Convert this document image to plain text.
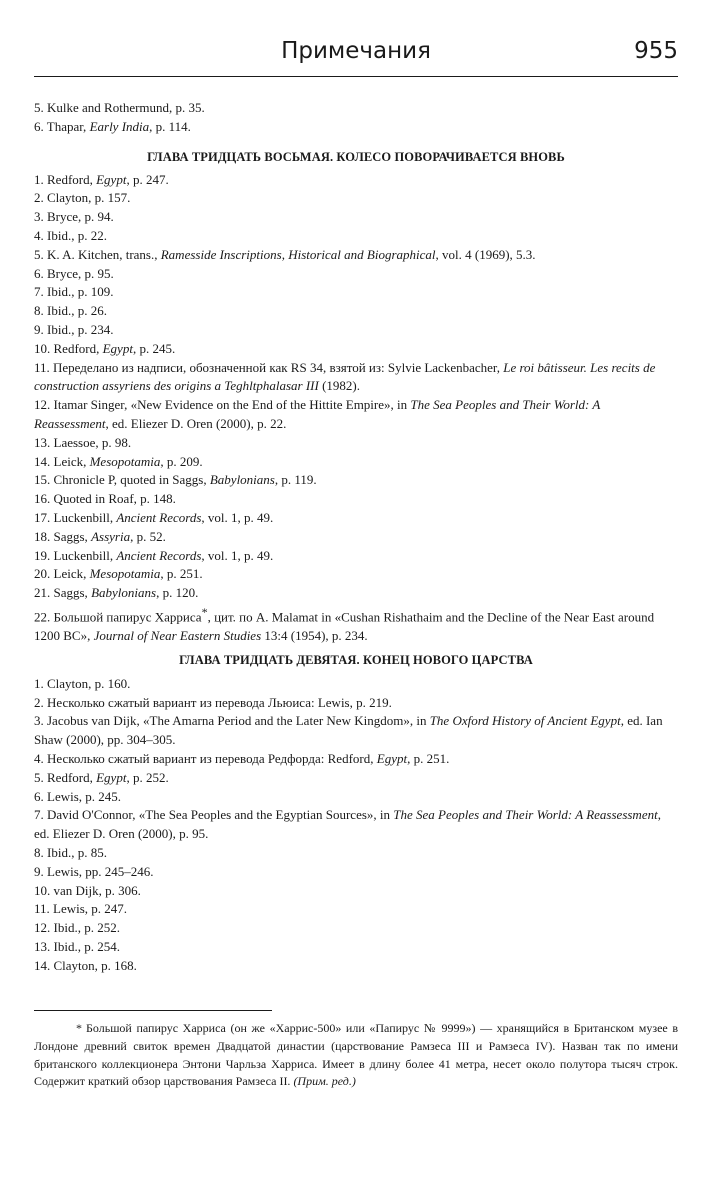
Примечания	955

5. Kulke and Rothermund, p. 35.

6. Thapar, Early India, p. 114.

ГЛАВА ТРИДЦАТЬ ВОСЬМАЯ. КОЛЕСО ПОВОРАЧИВАЕТСЯ ВНОВЬ

1. Redford, Egypt, p. 247.

2. Clayton, p. 157.

3. Bryce, p. 94.

4. Ibid., p. 22.

5. K. A. Kitchen, trans., Ramesside Inscriptions, Historical and Biographical, vol. 4 (1969), 5.3.

6. Bryce, p. 95.

7. Ibid., p. 109.

8. Ibid., p. 26.

9. Ibid., p. 234.

10. Redford, Egypt, p. 245.

11. Переделано из надписи, обозначенной как RS 34, взятой из: Sylvie Lackenbacher, Le roi bâtisseur. Les recits de construction assyriens des origins a Teghltphalasar III (1982).

12. Itamar Singer, «New Evidence on the End of the Hittite Empire», in The Sea Peoples and Their World: A Reassessment, ed. Eliezer D. Oren (2000), p. 22.

13. Laessoe, p. 98.

14. Leick, Mesopotamia, p. 209.

15. Chronicle P, quoted in Saggs, Babylonians, p. 119.

16. Quoted in Roaf, p. 148.

17. Luckenbill, Ancient Records, vol. 1, p. 49.

18. Saggs, Assyria, p. 52.

19. Luckenbill, Ancient Records, vol. 1, p. 49.

20. Leick, Mesopotamia, p. 251.

21. Saggs, Babylonians, p. 120.

22. Большой папирус Харриса*, цит. по A. Malamat in «Cushan Rishathaim and the Decline of the Near East around 1200 BC», Journal of Near Eastern Studies 13:4 (1954), p. 234.

ГЛАВА ТРИДЦАТЬ ДЕВЯТАЯ. КОНЕЦ НОВОГО ЦАРСТВА

1. Clayton, p. 160.

2. Несколько сжатый вариант из перевода Льюиса: Lewis, p. 219.

3. Jacobus van Dijk, «The Amarna Period and the Later New Kingdom», in The Oxford History of Ancient Egypt, ed. Ian Shaw (2000), pp. 304–305.

4. Несколько сжатый вариант из перевода Редфорда: Redford, Egypt, p. 251.

5. Redford, Egypt, p. 252.

6. Lewis, p. 245.

7. David O'Connor, «The Sea Peoples and the Egyptian Sources», in The Sea Peoples and Their World: A Reassessment, ed. Eliezer D. Oren (2000), p. 95.

8. Ibid., p. 85.

9. Lewis, pp. 245–246.

10. van Dijk, p. 306.

11. Lewis, p. 247.

12. Ibid., p. 252.

13. Ibid., p. 254.

14. Clayton, p. 168.

* Большой папирус Харриса (он же «Харрис-500» или «Папирус № 9999») — хранящийся в Британском музее в Лондоне древний свиток времен Двадцатой династии (царствование Рамзеса III и Рамзеса IV). Назван так по имени британского коллекционера Энтони Чарльза Харриса. Имеет в длину более 41 метра, несет около полутора тысяч строк. Содержит краткий обзор царствования Рамзеса II. (Прим. ред.)
